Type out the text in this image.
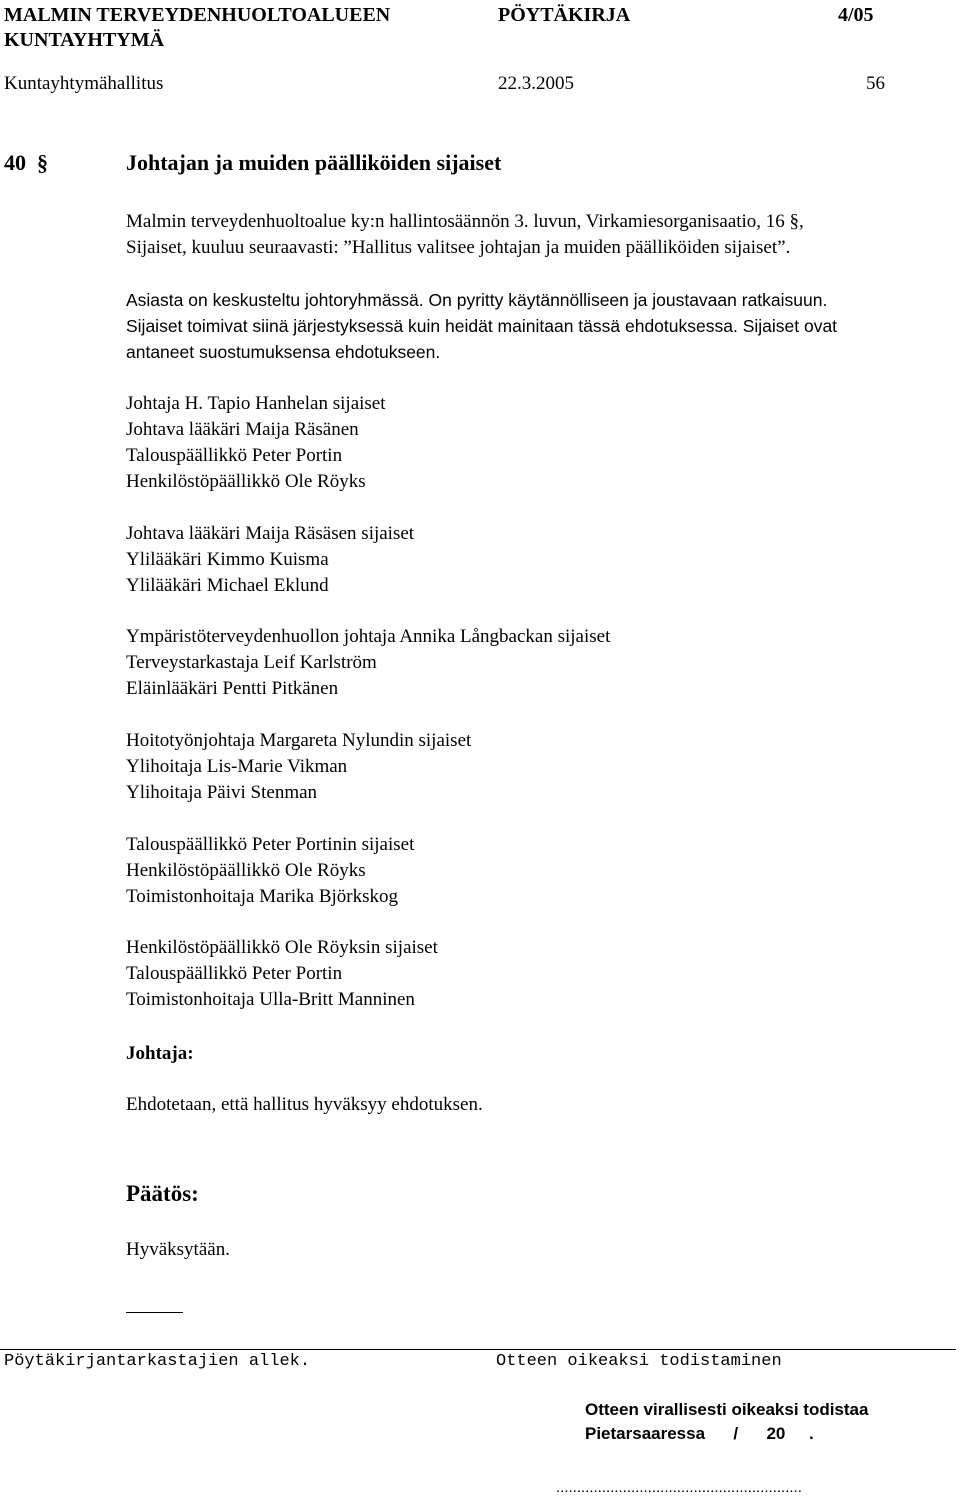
MALMIN TERVEYDENHUOLTOALUEEN
KUNTAYHTYMÄ
PÖYTÄKIRJA	4/05
Kuntayhtymähallitus	22.3.2005	56
40 §	Johtajan ja muiden päälliköiden sijaiset
Malmin terveydenhuoltoalue ky:n hallintosäännön 3. luvun, Virkamiesorganisaatio, 16 §,
Sijaiset, kuuluu seuraavasti: ”Hallitus valitsee johtajan ja muiden päälliköiden sijaiset”.
Asiasta on keskusteltu johtoryhmässä. On pyritty käytännölliseen ja joustavaan ratkaisuun.
Sijaiset toimivat siinä järjestyksessä kuin heidät mainitaan tässä ehdotuksessa. Sijaiset ovat
antaneet suostumuksensa ehdotukseen.
Johtaja H. Tapio Hanhelan sijaiset
Johtava lääkäri Maija Räsänen
Talouspäällikkö Peter Portin
Henkilöstöpäällikkö Ole Röyks
Johtava lääkäri Maija Räsäsen sijaiset
Ylilääkäri Kimmo Kuisma
Ylilääkäri Michael Eklund
Ympäristöterveydenhuollon johtaja Annika Långbackan sijaiset
Terveystarkastaja Leif Karlström
Eläinlääkäri Pentti Pitkänen
Hoitotyönjohtaja Margareta Nylundin sijaiset
Ylihoitaja Lis-Marie Vikman
Ylihoitaja Päivi Stenman
Talouspäällikkö Peter Portinin sijaiset
Henkilöstöpäällikkö Ole Röyks
Toimistonhoitaja Marika Björkskog
Henkilöstöpäällikkö Ole Röyksin sijaiset
Talouspäällikkö Peter Portin
Toimistonhoitaja Ulla-Britt Manninen
Johtaja:
Ehdotetaan, että hallitus hyväksyy ehdotuksen.
Päätös:
Hyväksytään.
Pöytäkirjantarkastajien allek.	Otteen oikeaksi todistaminen
Otteen virallisesti oikeaksi todistaa
Pietarsaaressa      /      20     .
...........................................................
